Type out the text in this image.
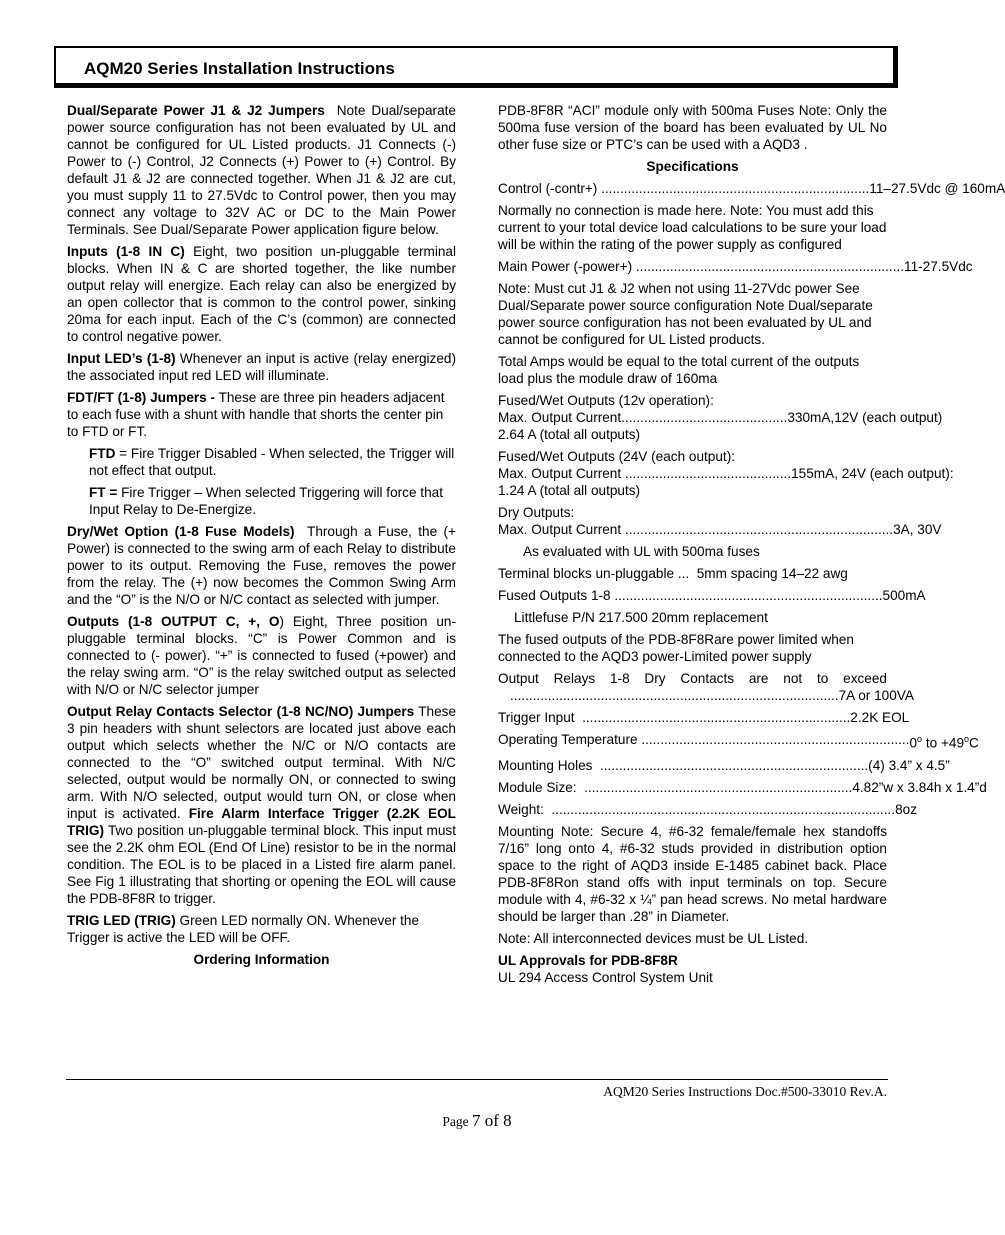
AQM20 Series Installation Instructions

Dual/Separate Power J1 & J2 Jumpers Note Dual/separate power source configuration has not been evaluated by UL and cannot be configured for UL Listed products. J1 Connects (-) Power to (-) Control, J2 Connects (+) Power to (+) Control. By default J1 & J2 are connected together. When J1 & J2 are cut, you must supply 11 to 27.5Vdc to Control power, then you may connect any voltage to 32V AC or DC to the Main Power Terminals. See Dual/Separate Power application figure below.

Inputs (1-8 IN C) Eight, two position un-pluggable terminal blocks. When IN & C are shorted together, the like number output relay will energize. Each relay can also be energized by an open collector that is common to the control power, sinking 20ma for each input. Each of the C’s (common) are connected to control negative power.

Input LED’s (1-8) Whenever an input is active (relay energized) the associated input red LED will illuminate.

FDT/FT (1-8) Jumpers - These are three pin headers adjacent to each fuse with a shunt with handle that shorts the center pin to FTD or FT.

FTD = Fire Trigger Disabled - When selected, the Trigger will not effect that output.

FT = Fire Trigger – When selected Triggering will force that Input Relay to De-Energize.

Dry/Wet Option (1-8 Fuse Models) Through a Fuse, the (+ Power) is connected to the swing arm of each Relay to distribute power to its output. Removing the Fuse, removes the power from the relay. The (+) now becomes the Common Swing Arm and the “O” is the N/O or N/C contact as selected with jumper.

Outputs (1-8 OUTPUT C, +, O) Eight, Three position un-pluggable terminal blocks. “C” is Power Common and is connected to (- power). “+” is connected to fused (+power) and the relay swing arm. “O” is the relay switched output as selected with N/O or N/C selector jumper

Output Relay Contacts Selector (1-8 NC/NO) Jumpers These 3 pin headers with shunt selectors are located just above each output which selects whether the N/C or N/O contacts are connected to the “O” switched output terminal. With N/C selected, output would be normally ON, or connected to swing arm. With N/O selected, output would turn ON, or close when input is activated. Fire Alarm Interface Trigger (2.2K EOL TRIG) Two position un-pluggable terminal block. This input must see the 2.2K ohm EOL (End Of Line) resistor to be in the normal condition. The EOL is to be placed in a Listed fire alarm panel. See Fig 1 illustrating that shorting or opening the EOL will cause the PDB-8F8R to trigger.

TRIG LED (TRIG) Green LED normally ON. Whenever the Trigger is active the LED will be OFF.

Ordering Information

PDB-8F8R “ACI” module only with 500ma Fuses Note: Only the 500ma fuse version of the board has been evaluated by UL No other fuse size or PTC’s can be used with a AQD3 .

Specifications

Control (-contr+) ....................................................................... 11–27.5Vdc @ 160mA
Normally no connection is made here. Note: You must add this current to your total device load calculations to be sure your load will be within the rating of the power supply as configured
Main Power (-power+) ....................................................................... 11-27.5Vdc
Note: Must cut J1 & J2 when not using 11-27Vdc power See Dual/Separate power source configuration Note Dual/separate power source configuration has not been evaluated by UL and cannot be configured for UL Listed products.
Total Amps would be equal to the total current of the outputs load plus the module draw of 160ma
Fused/Wet Outputs (12v operation):
Max. Output Current ............................................ 330mA,12V (each output)
2.64 A (total all outputs)
Fused/Wet Outputs (24V (each output):
Max. Output Current ............................................ 155mA, 24V (each output):
1.24 A (total all outputs)
Dry Outputs:
Max. Output Current ....................................................................... 3A, 30V
As evaluated with UL with 500ma fuses
Terminal blocks un-pluggable ... 5mm spacing 14–22 awg
Fused Outputs 1-8 ....................................................................... 500mA
Littlefuse P/N 217.500 20mm replacement
The fused outputs of the PDB-8F8Rare power limited when connected to the AQD3 power-Limited power supply
Output Relays 1-8 Dry Contacts are not to exceed
....................................................................................... 7A or 100VA
Trigger Input ....................................................................... 2.2K EOL
Operating Temperature ....................................................................... 0$^o$ to $+49^oC$
Mounting Holes ....................................................................... (4) 3.4” x 4.5”
Module Size: ....................................................................... 4.82”w x 3.84h x 1.4”d
Weight: ........................................................................................... 8oz

Mounting Note: Secure 4, #6-32 female/female hex standoffs 7/16” long onto 4, #6-32 studs provided in distribution option space to the right of AQD3 inside E-1485 cabinet back. Place PDB-8F8Ron stand offs with input terminals on top. Secure module with 4, #6-32 x ¼” pan head screws. No metal hardware should be larger than .28” in Diameter.

Note: All interconnected devices must be UL Listed.
UL Approvals for PDB-8F8R
UL 294 Access Control System Unit
AQM20 Series Instructions Doc.#500-33010 Rev.A.
Page 7 of 8
